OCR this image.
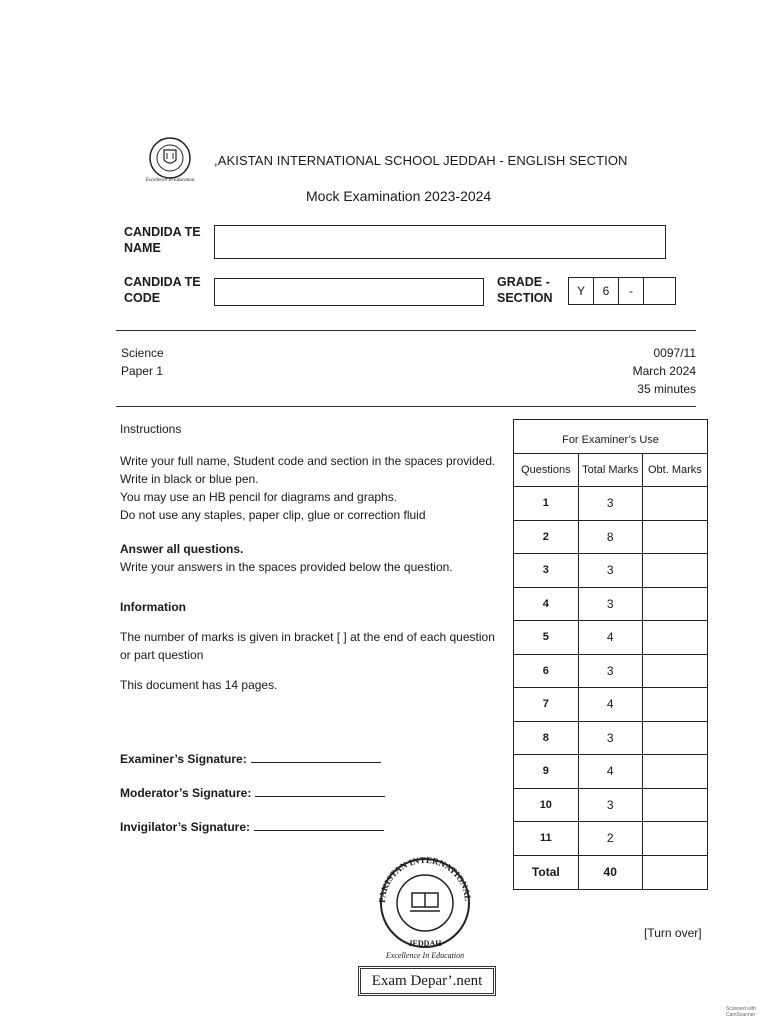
Excellence In Education
,AKISTAN INTERNATIONAL SCHOOL JEDDAH - ENGLISH SECTION
Mock Examination 2023-2024
CANDIDA TE
NAME
CANDIDA TE
CODE
GRADE -
SECTION	Y	6	-
Science
Paper 1
0097/11
March 2024
35 minutes
Instructions
Write your full name, Student code and section in the spaces provided.
Write in black or blue pen.
You may use an HB pencil for diagrams and graphs.
Do not use any staples, paper clip, glue or correction fluid
Answer all questions.
Write your answers in the spaces provided below the question.
Information
The number of marks is given in bracket [ ] at the end of each question or part question
This document has 14 pages.
Examiner’s Signature:
Moderator’s Signature:
Invigilator’s Signature:
For Examiner’s Use		
Questions	Total Marks	Obt. Marks
1	3	
2	8	
3	3	
4	3	
5	4	
6	3	
7	4	
8	3	
9	4	
10	3	
11	2	
Total	40	
PAKISTAN INTERNATIONAL
JEDDAH
Excellence In Education
Exam Depar’.nent
[Turn over]
Scanned with CamScanner
